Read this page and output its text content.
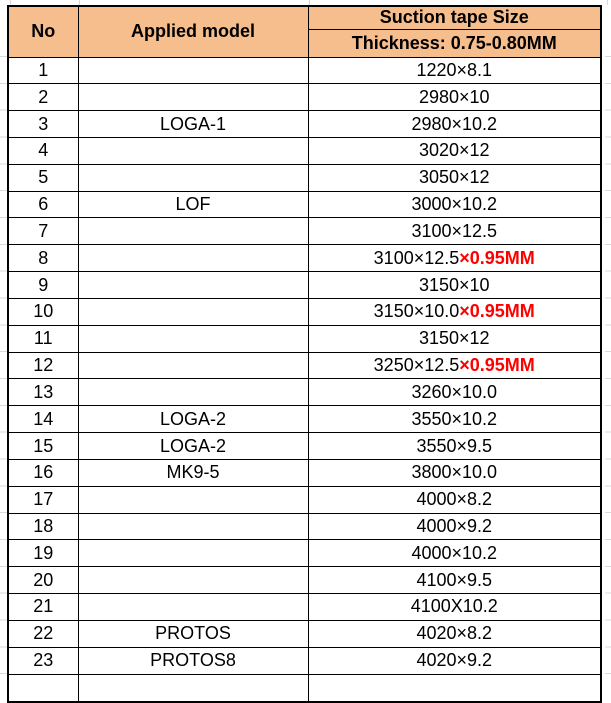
No	Applied model	Suction tape Size
		Thickness: 0.75-0.80MM
1		1220×8.1
2		2980×10
3	LOGA-1	2980×10.2
4		3020×12
5		3050×12
6	LOF	3000×10.2
7		3100×12.5
8		3100×12.5×0.95MM
9		3150×10
10		3150×10.0×0.95MM
11		3150×12
12		3250×12.5×0.95MM
13		3260×10.0
14	LOGA-2	3550×10.2
15	LOGA-2	3550×9.5
16	MK9-5	3800×10.0
17		4000×8.2
18		4000×9.2
19		4000×10.2
20		4100×9.5
21		4100X10.2
22	PROTOS	4020×8.2
23	PROTOS8	4020×9.2
